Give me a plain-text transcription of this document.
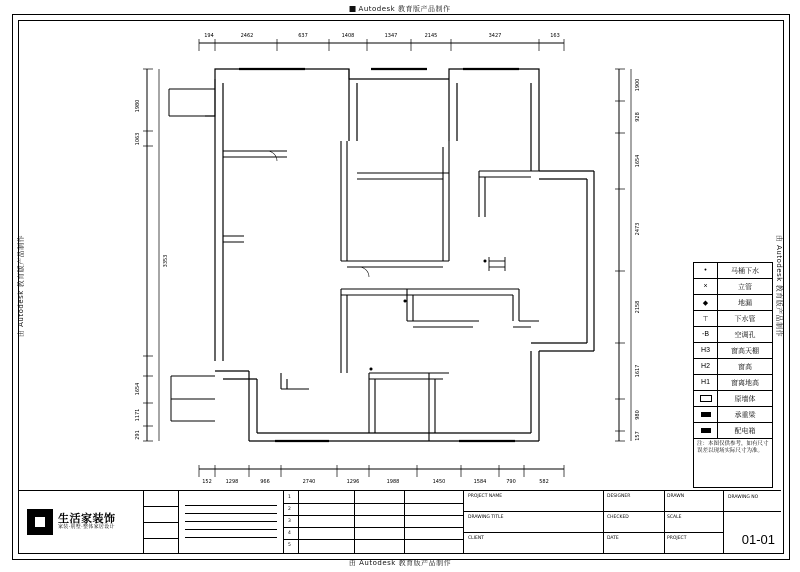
Autodesk 教育版产品制作
由 Autodesk 教育版产品制作
由 Autodesk 教育版产品制作	由 Autodesk 教育版产品制作
194	2462	637	1408	1347	2145	3427	163
152	1298	966	2740	1296	1988	1450	1584	790	582
1980
1063
3353
1654
1171
291
1900
928
1654
2473
2158
1617
980
157
•	马桶下水
×	立管
◆	地漏
⊤	下水管
-B	空调孔
H3	窗高天棚
H2	窗高
H1	窗离地高
原墙体
承重梁
配电箱
注：本图仅供参考，如有尺寸误差以现场实际尺寸为准。
生活家装饰
家装·别墅·整体家居设计
1
2
3
4
5
PROJECT NAME
DRAWING TITLE
CLIENT
DESIGNER	DRAWN
CHECKED	SCALE
DATE	PROJECT
DRAWING NO
01-01
